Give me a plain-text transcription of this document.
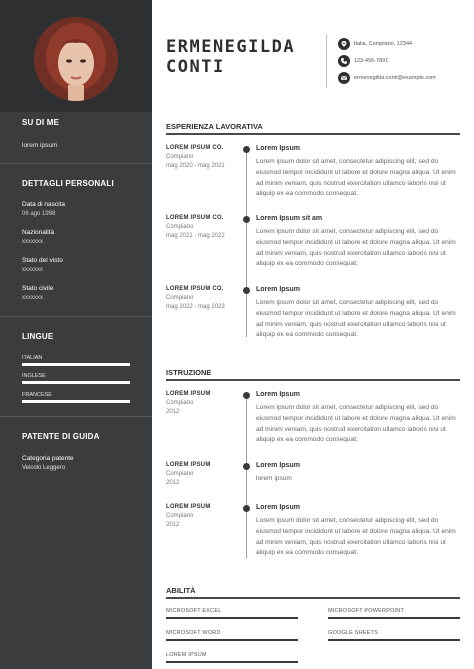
SU DI ME
lorem ipsum
DETTAGLI PERSONALI
Data di nascita
06 ago 1998
Nazionalità
xxxxxxx
Stato del visto
xxxxxxx
Stato civile
xxxxxxx
LINGUE
ITALIAN
INGLESE
FRANCESE
PATENTE DI GUIDA
Categoria patente
Veicolo Leggero
ERMENEGILDA
CONTI
Italia, Compiano, 12344
123-456-7891
ermenegilda.conti@example.com
ESPERIENZA LAVORATIVA
LOREM IPSUM CO.
Compiano
mag 2020 - mag 2021
Lorem Ipsum
Lorem ipsum dolor sit amet, consectetur adipiscing elit, sed do eiusmod tempor incididunt ut labore et dolore magna aliqua. Ut enim ad minim veniam, quis nostrud exercitation ullamco laboris nisi ut aliquip ex ea commodo consequat.
LOREM IPSUM CO.
Compiano
mag 2021 - mag 2022
Lorem Ipsum sit am
Lorem ipsum dolor sit amet, consectetur adipiscing elit, sed do eiusmod tempor incididunt ut labore et dolore magna aliqua. Ut enim ad minim veniam, quis nostrud exercitation ullamco laboris nisi ut aliquip ex ea commodo consequat.
LOREM IPSUM CO.
Compiano
mag 2022 - mag 2023
Lorem Ipsum
Lorem ipsum dolor sit amet, consectetur adipiscing elit, sed do eiusmod tempor incididunt ut labore et dolore magna aliqua. Ut enim ad minim veniam, quis nostrud exercitation ullamco laboris nisi ut aliquip ex ea commodo consequat.
ISTRUZIONE
LOREM IPSUM
Compiano
2012
Lorem Ipsum
Lorem ipsum dolor sit amet, consectetur adipiscing elit, sed do eiusmod tempor incididunt ut labore et dolore magna aliqua. Ut enim ad minim veniam, quis nostrud exercitation ullamco laboris nisi ut aliquip ex ea commodo consequat.
LOREM IPSUM
Compiano
2012
Lorem Ipsum
lorem ipsum
LOREM IPSUM
Compiano
2012
Lorem Ipsum
Lorem ipsum dolor sit amet, consectetur adipiscing elit, sed do eiusmod tempor incididunt ut labore et dolore magna aliqua. Ut enim ad minim veniam, quis nostrud exercitation ullamco laboris nisi ut aliquip ex ea commodo consequat.
ABILITÀ
MICROSOFT EXCEL	MICROSOFT POWERPOINT
MICROSOFT WORD	GOOGLE SHEETS
LOREM IPSUM
